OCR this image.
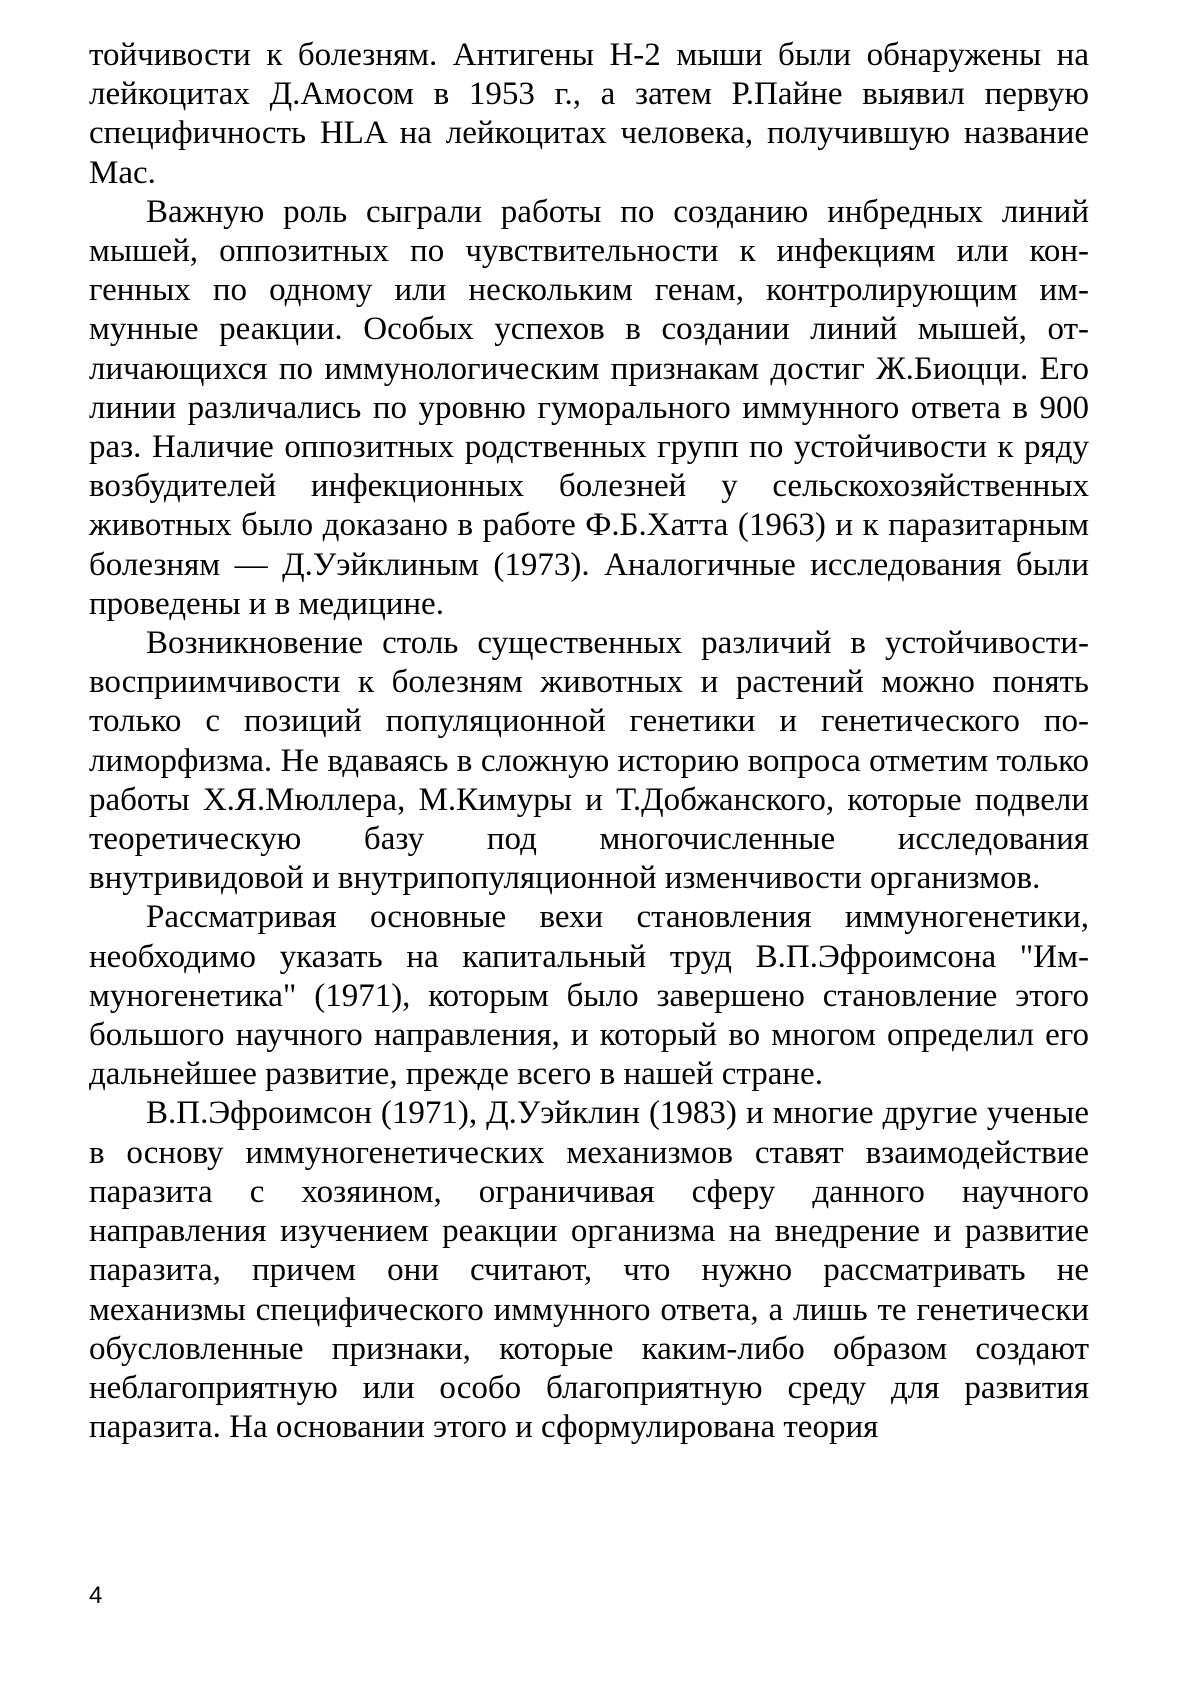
тойчивости к болезням. Антигены Н-2 мыши были обнаружены на лейкоцитах Д.Амосом в 1953 г., а затем Р.Пайне выявил первую специфичность HLA на лейкоцитах человека, получившую название Мас.

Важную роль сыграли работы по созданию инбредных линий мышей, оппозитных по чувствительности к инфекциям или конгенных по одному или нескольким генам, контролирующим иммунные реакции. Особых успехов в создании линий мышей, отличающихся по иммунологическим признакам достиг Ж.Биоцци. Его линии различались по уровню гуморального иммунного ответа в 900 раз. Наличие оппозитных родственных групп по устойчивости к ряду возбудителей инфекционных болезней у сельскохозяйственных животных было доказано в работе Ф.Б.Хатта (1963) и к паразитарным болезням — Д.Уэйклиным (1973). Аналогичные исследования были проведены и в медицине.

Возникновение столь существенных различий в устойчивости-восприимчивости к болезням животных и растений можно понять только с позиций популяционной генетики и генетического полиморфизма. Не вдаваясь в сложную историю вопроса отметим только работы Х.Я.Мюллера, М.Кимуры и Т.Добжанского, которые подвели теоретическую базу под многочисленные исследования внутривидовой и внутрипопуляционной изменчивости организмов.

Рассматривая основные вехи становления иммуногенетики, необходимо указать на капитальный труд В.П.Эфроимсона "Иммуногенетика" (1971), которым было завершено становление этого большого научного направления, и который во многом определил его дальнейшее развитие, прежде всего в нашей стране.

В.П.Эфроимсон (1971), Д.Уэйклин (1983) и многие другие ученые в основу иммуногенетических механизмов ставят взаимодействие паразита с хозяином, ограничивая сферу данного научного направления изучением реакции организма на внедрение и развитие паразита, причем они считают, что нужно рассматривать не механизмы специфического иммунного ответа, а лишь те генетически обусловленные признаки, которые каким-либо образом создают неблагоприятную или особо благоприятную среду для развития паразита. На основании этого и сформулирована теория

4
